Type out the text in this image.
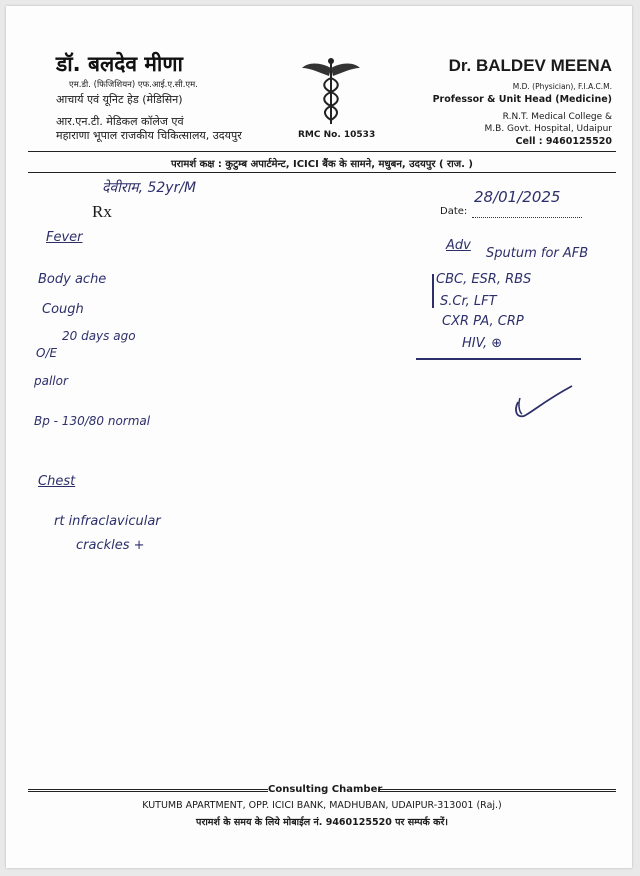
डॉ. बलदेव मीणा
एम.डी. (फिजिशियन) एफ.आई.ए.सी.एम.
आचार्य एवं यूनिट हेड (मेडिसिन)
आर.एन.टी. मेडिकल कॉलेज एवं
महाराणा भूपाल राजकीय चिकित्सालय, उदयपुर	RMC No. 10533
Dr. BALDEV MEENA
M.D. (Physician), F.I.A.C.M.
Professor & Unit Head (Medicine)
R.N.T. Medical College &
M.B. Govt. Hospital, Udaipur
Cell : 9460125520
परामर्श कक्ष : कुटुम्ब अपार्टमेन्ट, ICICI बैंक के सामने, मधुबन, उदयपुर ( राज. )
देवीराम, 52yr/M
Rx	Date:
28/01/2025
Fever
Body ache
Cough
20 days ago
O/E
pallor
Bp - 130/80 normal
Chest
rt infraclavicular
crackles +
Adv
Sputum for AFB
CBC, ESR, RBS
S.Cr, LFT
CXR PA, CRP
HIV, ⊕
Consulting Chamber
KUTUMB APARTMENT, OPP. ICICI BANK, MADHUBAN, UDAIPUR-313001 (Raj.)
परामर्श के समय के लिये मोबाईल नं. 9460125520 पर सम्पर्क करें।
